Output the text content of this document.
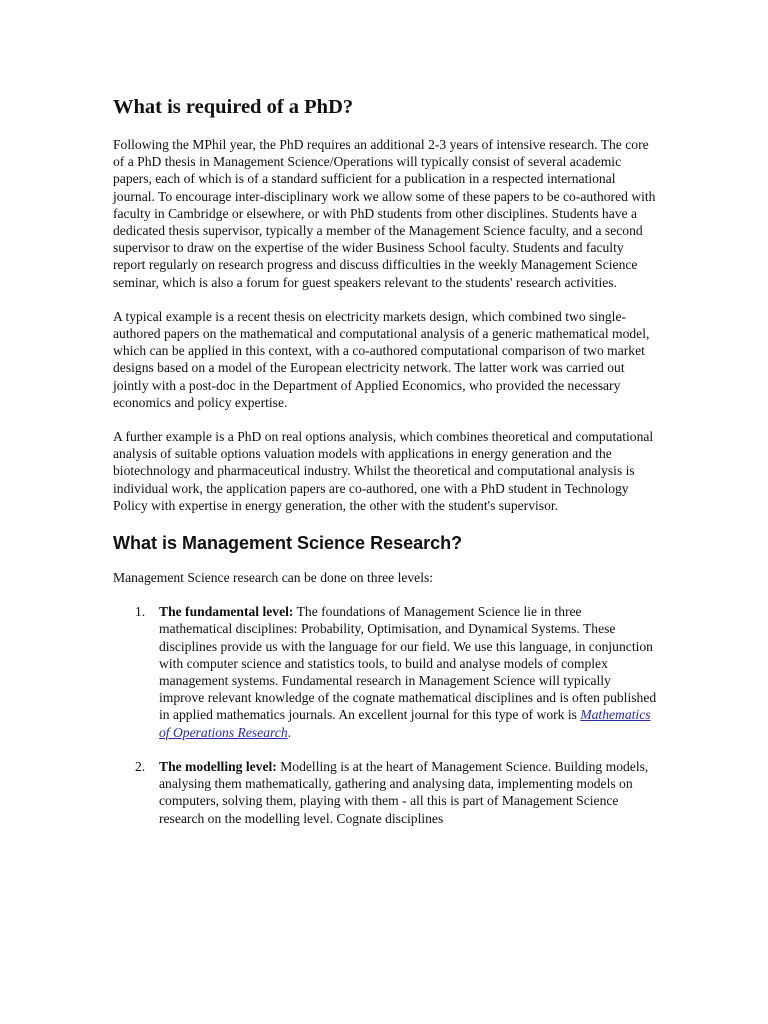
What is required of a PhD?

Following the MPhil year, the PhD requires an additional 2-3 years of intensive research. The core of a PhD thesis in Management Science/Operations will typically consist of several academic papers, each of which is of a standard sufficient for a publication in a respected international journal. To encourage inter-disciplinary work we allow some of these papers to be co-authored with faculty in Cambridge or elsewhere, or with PhD students from other disciplines. Students have a dedicated thesis supervisor, typically a member of the Management Science faculty, and a second supervisor to draw on the expertise of the wider Business School faculty. Students and faculty report regularly on research progress and discuss difficulties in the weekly Management Science seminar, which is also a forum for guest speakers relevant to the students' research activities.

A typical example is a recent thesis on electricity markets design, which combined two single-authored papers on the mathematical and computational analysis of a generic mathematical model, which can be applied in this context, with a co-authored computational comparison of two market designs based on a model of the European electricity network. The latter work was carried out jointly with a post-doc in the Department of Applied Economics, who provided the necessary economics and policy expertise.

A further example is a PhD on real options analysis, which combines theoretical and computational analysis of suitable options valuation models with applications in energy generation and the biotechnology and pharmaceutical industry. Whilst the theoretical and computational analysis is individual work, the application papers are co-authored, one with a PhD student in Technology Policy with expertise in energy generation, the other with the student's supervisor.

What is Management Science Research?

Management Science research can be done on three levels:

1. The fundamental level: The foundations of Management Science lie in three mathematical disciplines: Probability, Optimisation, and Dynamical Systems. These disciplines provide us with the language for our field. We use this language, in conjunction with computer science and statistics tools, to build and analyse models of complex management systems. Fundamental research in Management Science will typically improve relevant knowledge of the cognate mathematical disciplines and is often published in applied mathematics journals. An excellent journal for this type of work is Mathematics of Operations Research.
2. The modelling level: Modelling is at the heart of Management Science. Building models, analysing them mathematically, gathering and analysing data, implementing models on computers, solving them, playing with them - all this is part of Management Science research on the modelling level. Cognate disciplines
